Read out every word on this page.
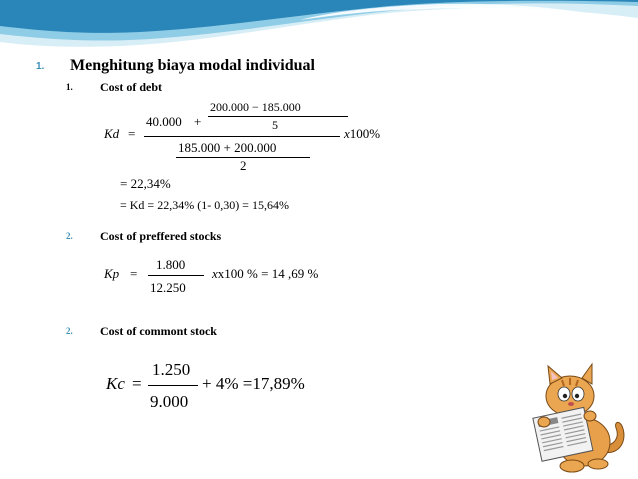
1. Menghitung biaya modal individual
1. Cost of debt
Kd =
40.000 +
200.000 − 185.000
5
185.000 + 200.000
2
x100%
= 22,34%
= Kd = 22,34% (1- 0,30) = 15,64%
2. Cost of preffered stocks
Kp =
1.800
12.250
xx100 % = 14 ,69 %
2. Cost of commont stock
Kc =
1.250
9.000
+ 4% =17,89%
